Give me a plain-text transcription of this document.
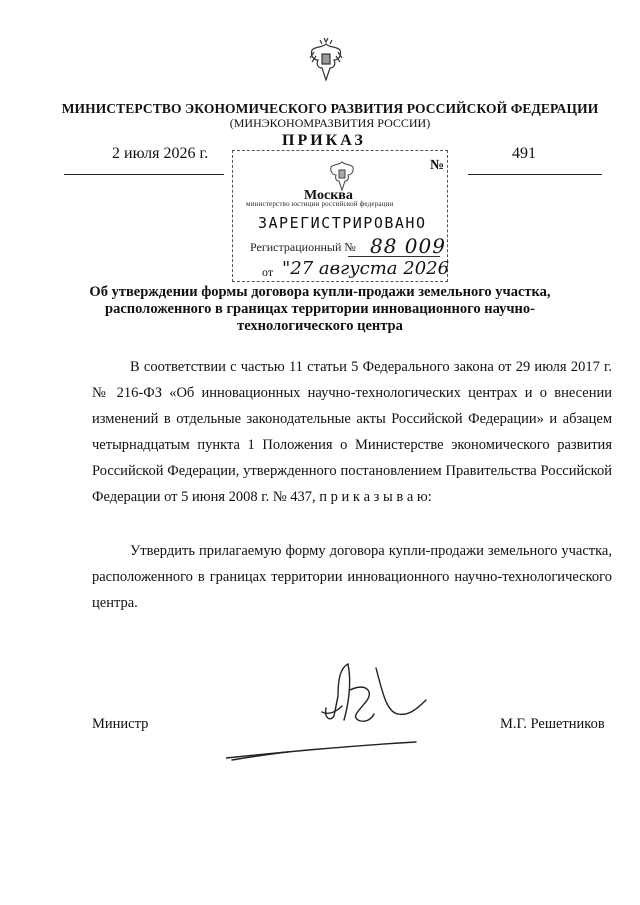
МИНИСТЕРСТВО ЭКОНОМИЧЕСКОГО РАЗВИТИЯ РОССИЙСКОЙ ФЕДЕРАЦИИ
(МИНЭКОНОМРАЗВИТИЯ РОССИИ)
ПРИКАЗ
2 июля 2026 г.
№
491
Москва
министерство юстиции российской федерации
ЗАРЕГИСТРИРОВАНО
Регистрационный № 88 009
от "27 августа 2026
Об утверждении формы договора купли-продажи земельного участка, расположенного в границах территории инновационного научно-технологического центра
В соответствии с частью 11 статьи 5 Федерального закона от 29 июля 2017 г. № 216-ФЗ «Об инновационных научно-технологических центрах и о внесении изменений в отдельные законодательные акты Российской Федерации» и абзацем четырнадцатым пункта 1 Положения о Министерстве экономического развития Российской Федерации, утвержденного постановлением Правительства Российской Федерации от 5 июня 2008 г. № 437, п р и к а з ы в а ю:
Утвердить прилагаемую форму договора купли-продажи земельного участка, расположенного в границах территории инновационного научно-технологического центра.
Министр	М.Г. Решетников
